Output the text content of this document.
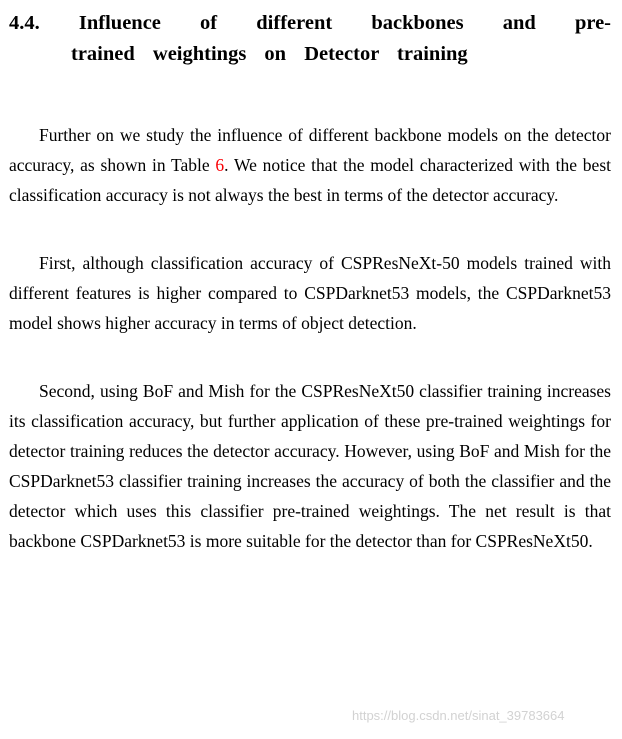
4.4. Influence of different backbones and pre-
trained weightings on Detector training

Further on we study the influence of different backbone models on the detector accuracy, as shown in Table 6. We notice that the model characterized with the best classification accuracy is not always the best in terms of the detector accuracy.

First, although classification accuracy of CSPResNeXt-50 models trained with different features is higher compared to CSPDarknet53 models, the CSPDarknet53 model shows higher accuracy in terms of object detection.

Second, using BoF and Mish for the CSPResNeXt50 classifier training increases its classification accuracy, but further application of these pre-trained weightings for detector training reduces the detector accuracy. However, using BoF and Mish for the CSPDarknet53 classifier training increases the accuracy of both the classifier and the detector which uses this classifier pre-trained weightings. The net result is that backbone CSPDarknet53 is more suitable for the detector than for CSPResNeXt50.

https://blog.csdn.net/sinat_39783664
